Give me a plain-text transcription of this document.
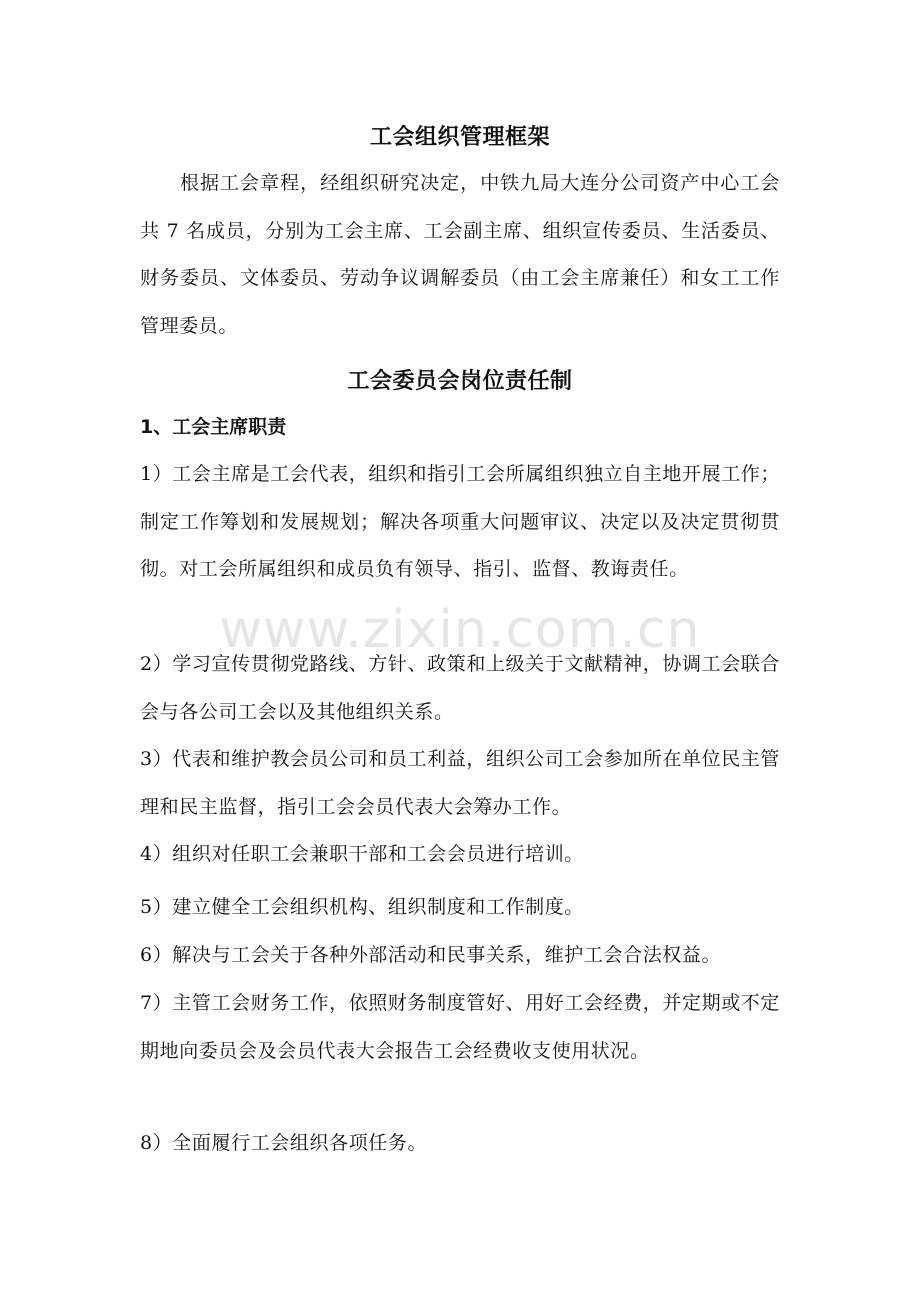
工会组织管理框架

根据工会章程，经组织研究决定，中铁九局大连分公司资产中心工会共 7 名成员，分别为工会主席、工会副主席、组织宣传委员、生活委员、财务委员、文体委员、劳动争议调解委员（由工会主席兼任）和女工工作管理委员。

工会委员会岗位责任制
1、工会主席职责

1）工会主席是工会代表，组织和指引工会所属组织独立自主地开展工作；制定工作筹划和发展规划；解决各项重大问题审议、决定以及决定贯彻贯彻。对工会所属组织和成员负有领导、指引、监督、教诲责任。

2）学习宣传贯彻党路线、方针、政策和上级关于文献精神，协调工会联合会与各公司工会以及其他组织关系。

3）代表和维护教会员公司和员工利益，组织公司工会参加所在单位民主管理和民主监督，指引工会会员代表大会筹办工作。

4）组织对任职工会兼职干部和工会会员进行培训。

5）建立健全工会组织机构、组织制度和工作制度。

6）解决与工会关于各种外部活动和民事关系，维护工会合法权益。

7）主管工会财务工作，依照财务制度管好、用好工会经费，并定期或不定期地向委员会及会员代表大会报告工会经费收支使用状况。

8）全面履行工会组织各项任务。

www.zixin.com.cn
